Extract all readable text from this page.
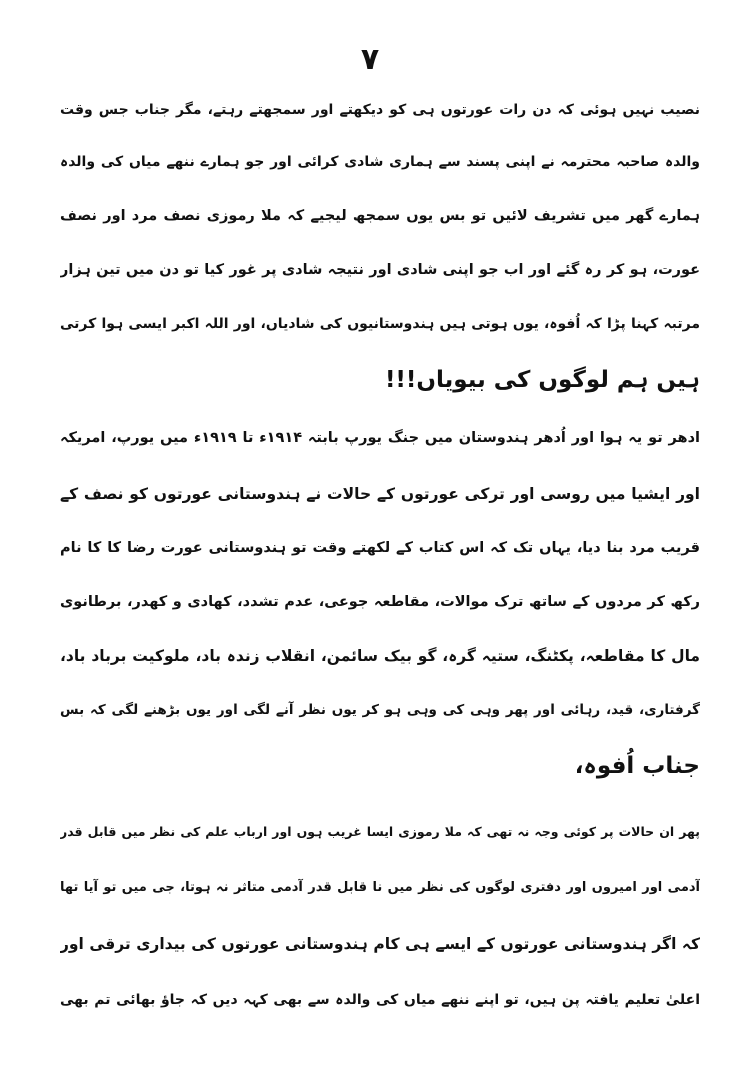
۷
نصیب نہیں ہوئی کہ دن رات عورتوں ہی کو دیکھتے اور سمجھتے رہتے، مگر جناب جس وقت
والدہ صاحبہ محترمہ نے اپنی پسند سے ہماری شادی کرائی اور جو ہمارے ننھے میاں کی والدہ
ہمارے گھر میں تشریف لائیں تو بس یوں سمجھ لیجیے کہ ملا رموزی نصف مرد اور نصف
عورت، ہو کر رہ گئے اور اب جو اپنی شادی اور نتیجہ شادی پر غور کیا تو دن میں تین ہزار
مرتبہ کہنا پڑا کہ اُفوہ، یوں ہوتی ہیں ہندوستانیوں کی شادیاں، اور اللہ اکبر ایسی ہوا کرتی
ہیں ہم لوگوں کی بیویاں!!!
ادھر تو یہ ہوا اور اُدھر ہندوستان میں جنگ یورپ بابتہ ۱۹۱۴ء تا ۱۹۱۹ء میں یورپ، امریکہ
اور ایشیا میں روسی اور ترکی عورتوں کے حالات نے ہندوستانی عورتوں کو نصف کے
قریب مرد بنا دیا، یہاں تک کہ اس کتاب کے لکھتے وقت تو ہندوستانی عورت رضا کا کا نام
رکھ کر مردوں کے ساتھ ترک موالات، مقاطعہ جوعی، عدم تشدد، کھادی و کھدر، برطانوی
مال کا مقاطعہ، پکٹنگ، ستیہ گرہ، گو بیک سائمن، انقلاب زندہ باد، ملوکیت برباد باد،
گرفتاری، قید، رہائی اور پھر وہی کی وہی ہو کر یوں نظر آنے لگی اور یوں بڑھنے لگی کہ بس
جناب اُفوہ،
پھر ان حالات پر کوئی وجہ نہ تھی کہ ملا رموزی ایسا غریب ہوں اور ارباب علم کی نظر میں قابل قدر
آدمی اور امیروں اور دفتری لوگوں کی نظر میں نا قابل قدر آدمی متاثر نہ ہوتا، جی میں تو آیا تھا
کہ اگر ہندوستانی عورتوں کے ایسے ہی کام ہندوستانی عورتوں کی بیداری ترقی اور
اعلیٰ تعلیم یافتہ پن ہیں، تو اپنے ننھے میاں کی والدہ سے بھی کہہ دیں کہ جاؤ بھائی تم بھی
